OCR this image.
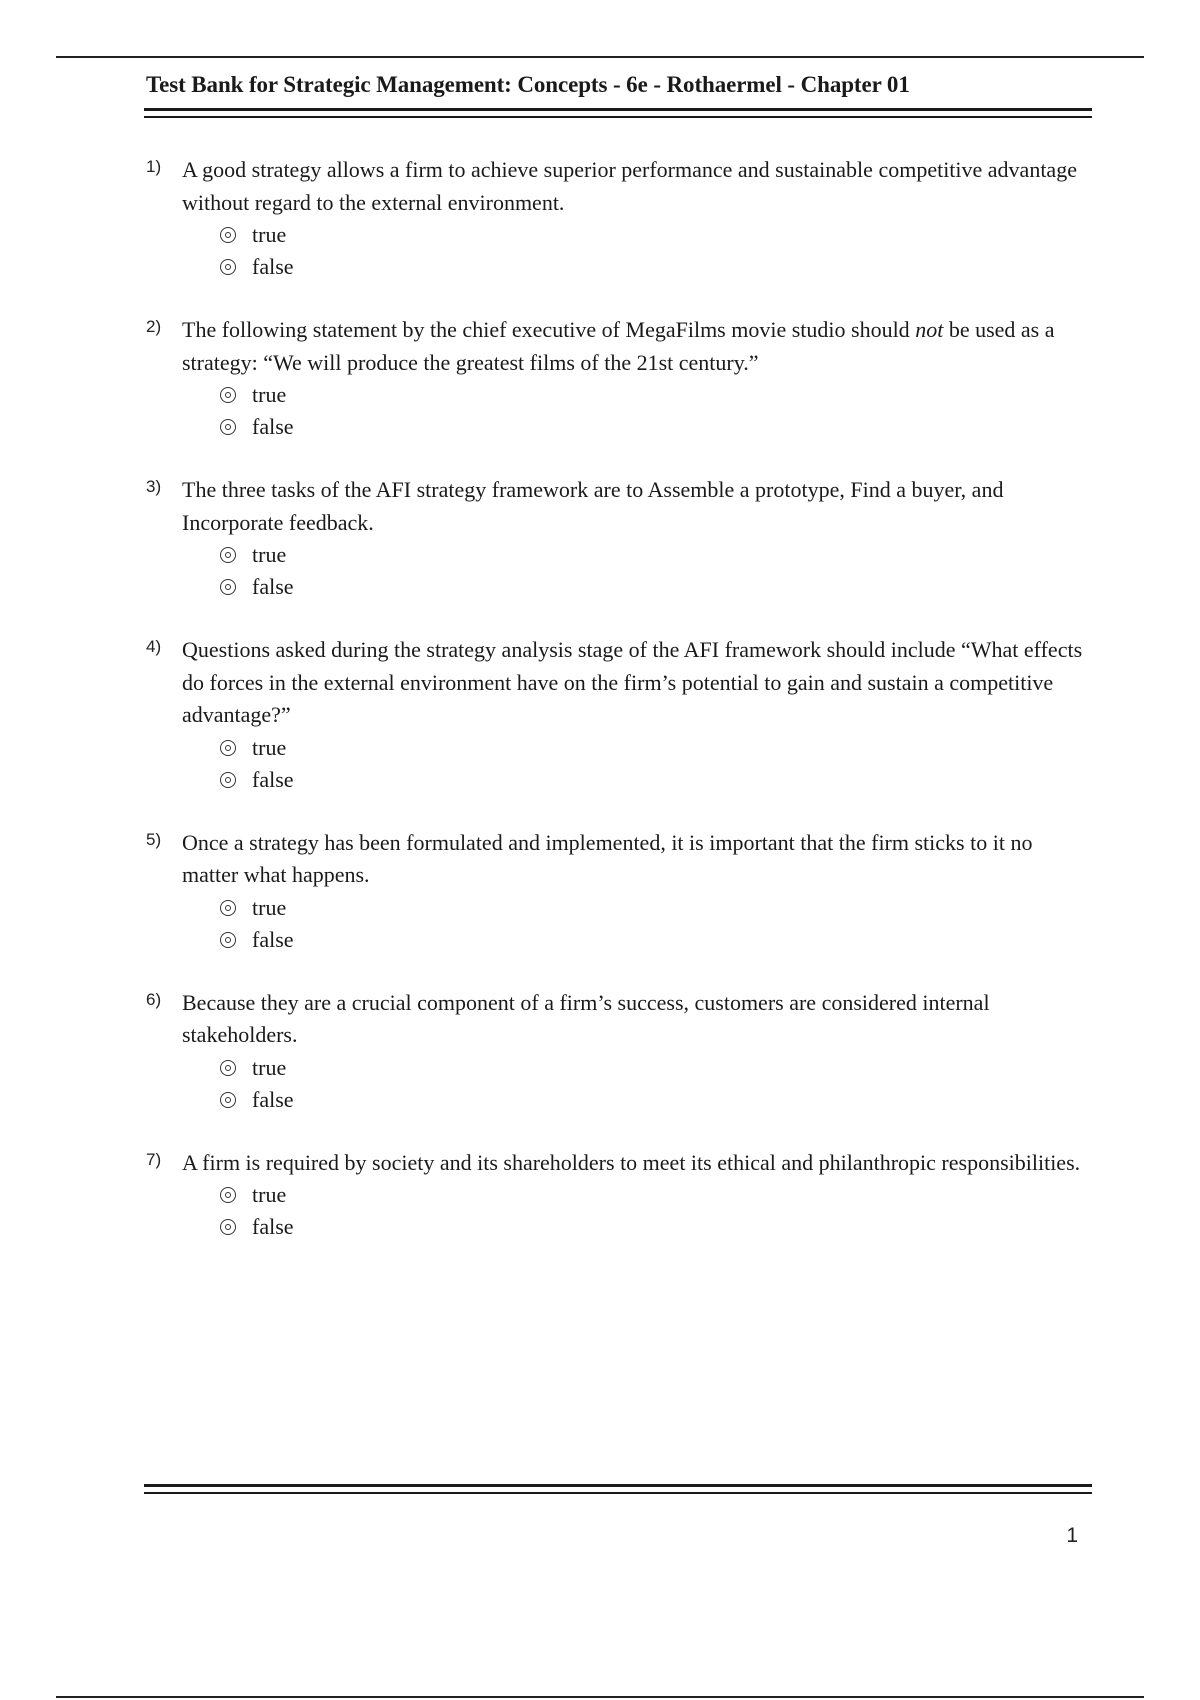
Test Bank for Strategic Management: Concepts - 6e - Rothaermel - Chapter 01
1) A good strategy allows a firm to achieve superior performance and sustainable competitive advantage without regard to the external environment.
true
false
2) The following statement by the chief executive of MegaFilms movie studio should not be used as a strategy: “We will produce the greatest films of the 21st century.”
true
false
3) The three tasks of the AFI strategy framework are to Assemble a prototype, Find a buyer, and Incorporate feedback.
true
false
4) Questions asked during the strategy analysis stage of the AFI framework should include “What effects do forces in the external environment have on the firm’s potential to gain and sustain a competitive advantage?”
true
false
5) Once a strategy has been formulated and implemented, it is important that the firm sticks to it no matter what happens.
true
false
6) Because they are a crucial component of a firm’s success, customers are considered internal stakeholders.
true
false
7) A firm is required by society and its shareholders to meet its ethical and philanthropic responsibilities.
true
false
1
